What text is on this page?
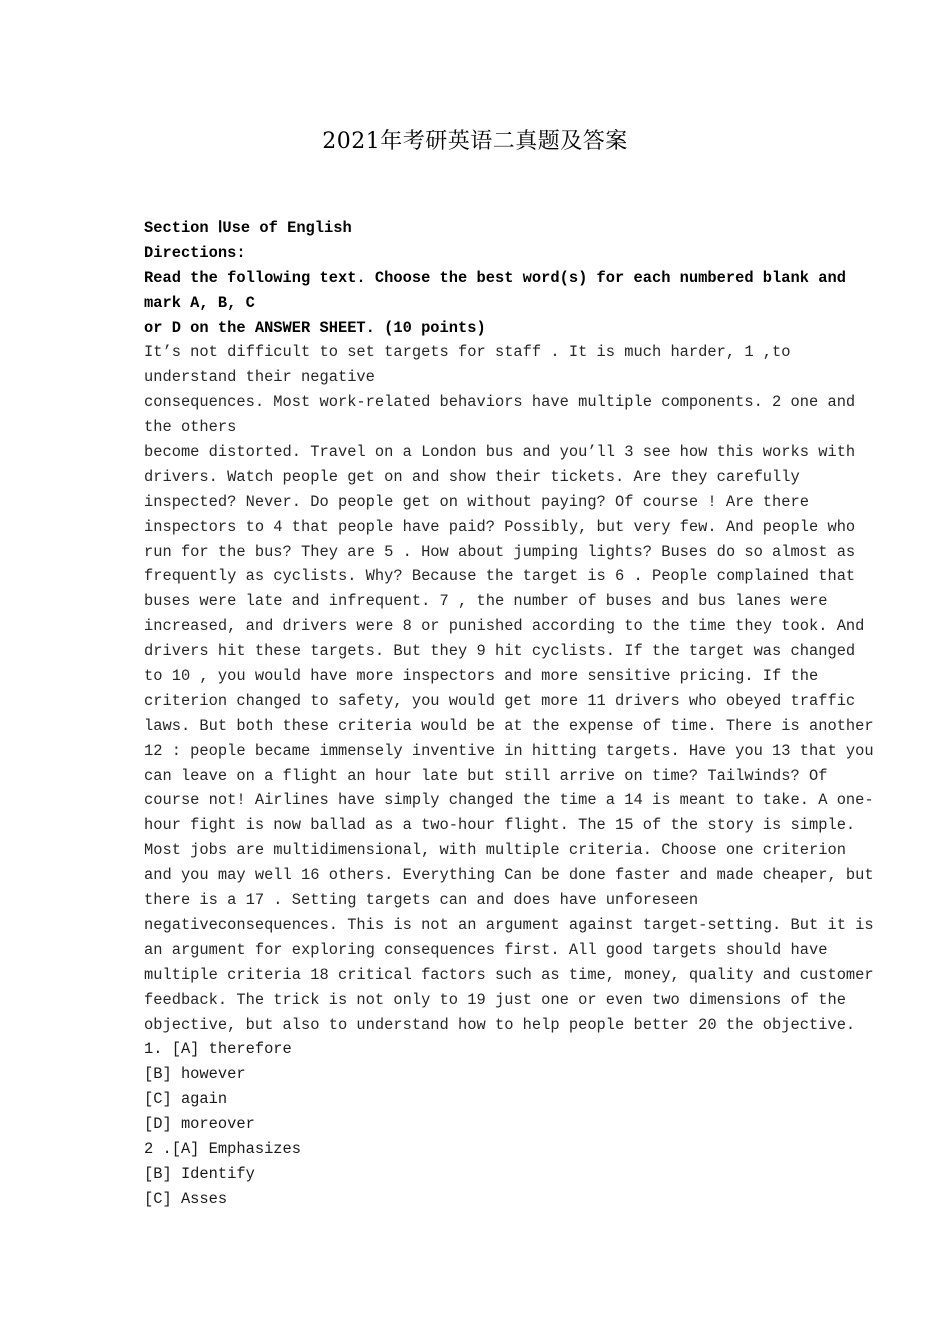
2021年考研英语二真题及答案
Section ⅠUse of English
Directions:
Read the following text. Choose the best word(s) for each numbered blank and
mark A, B, C
or D on the ANSWER SHEET. (10 points)
It’s not difficult to set targets for staff . It is much harder, 1 ,to
understand their negative
consequences. Most work-related behaviors have multiple components. 2 one and
the others
become distorted. Travel on a London bus and you’ll 3 see how this works with
drivers. Watch people get on and show their tickets. Are they carefully
inspected? Never. Do people get on without paying? Of course ! Are there
inspectors to 4 that people have paid? Possibly, but very few. And people who
run for the bus? They are 5 . How about jumping lights? Buses do so almost as
frequently as cyclists. Why? Because the target is 6 . People complained that
buses were late and infrequent. 7 , the number of buses and bus lanes were
increased, and drivers were 8 or punished according to the time they took. And
drivers hit these targets. But they 9 hit cyclists. If the target was changed
to 10 , you would have more inspectors and more sensitive pricing. If the
criterion changed to safety, you would get more 11 drivers who obeyed traffic
laws. But both these criteria would be at the expense of time. There is another
12 : people became immensely inventive in hitting targets. Have you 13 that you
can leave on a flight an hour late but still arrive on time? Tailwinds? Of
course not! Airlines have simply changed the time a 14 is meant to take. A one-
hour fight is now ballad as a two-hour flight. The 15 of the story is simple.
Most jobs are multidimensional, with multiple criteria. Choose one criterion
and you may well 16 others. Everything Can be done faster and made cheaper, but
there is a 17 . Setting targets can and does have unforeseen
negativeconsequences. This is not an argument against target-setting. But it is
an argument for exploring consequences first. All good targets should have
multiple criteria 18 critical factors such as time, money, quality and customer
feedback. The trick is not only to 19 just one or even two dimensions of the
objective, but also to understand how to help people better 20 the objective.
1. [A] therefore
[B] however
[C] again
[D] moreover
2 .[A] Emphasizes
[B] Identify
[C] Asses
